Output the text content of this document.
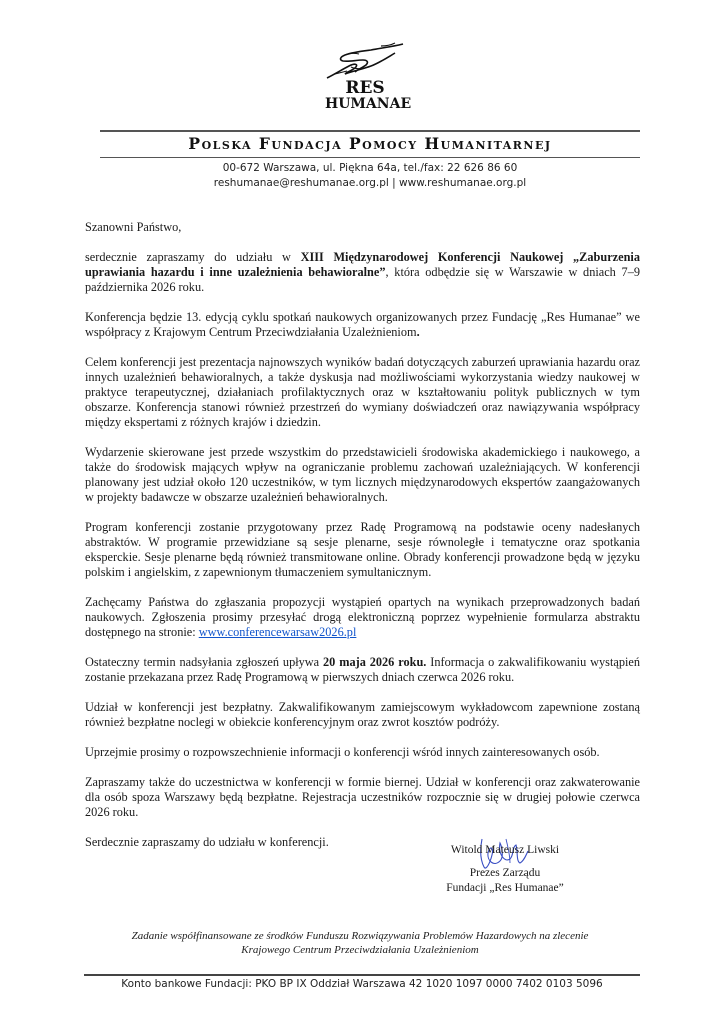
RES
HUMANAE
Polska Fundacja Pomocy Humanitarnej
00-672 Warszawa, ul. Piękna 64a, tel./fax: 22 626 86 60
reshumanae@reshumanae.org.pl | www.reshumanae.org.pl

Szanowni Państwo,

serdecznie zapraszamy do udziału w XIII Międzynarodowej Konferencji Naukowej „Zaburzenia uprawiania hazardu i inne uzależnienia behawioralne”, która odbędzie się w Warszawie w dniach 7–9 października 2026 roku.

Konferencja będzie 13. edycją cyklu spotkań naukowych organizowanych przez Fundację „Res Humanae” we współpracy z Krajowym Centrum Przeciwdziałania Uzależnieniom.

Celem konferencji jest prezentacja najnowszych wyników badań dotyczących zaburzeń uprawiania hazardu oraz innych uzależnień behawioralnych, a także dyskusja nad możliwościami wykorzystania wiedzy naukowej w praktyce terapeutycznej, działaniach profilaktycznych oraz w kształtowaniu polityk publicznych w tym obszarze. Konferencja stanowi również przestrzeń do wymiany doświadczeń oraz nawiązywania współpracy między ekspertami z różnych krajów i dziedzin.

Wydarzenie skierowane jest przede wszystkim do przedstawicieli środowiska akademickiego i naukowego, a także do środowisk mających wpływ na ograniczanie problemu zachowań uzależniających. W konferencji planowany jest udział około 120 uczestników, w tym licznych międzynarodowych ekspertów zaangażowanych w projekty badawcze w obszarze uzależnień behawioralnych.

Program konferencji zostanie przygotowany przez Radę Programową na podstawie oceny nadesłanych abstraktów. W programie przewidziane są sesje plenarne, sesje równoległe i tematyczne oraz spotkania eksperckie. Sesje plenarne będą również transmitowane online. Obrady konferencji prowadzone będą w języku polskim i angielskim, z zapewnionym tłumaczeniem symultanicznym.

Zachęcamy Państwa do zgłaszania propozycji wystąpień opartych na wynikach przeprowadzonych badań naukowych. Zgłoszenia prosimy przesyłać drogą elektroniczną poprzez wypełnienie formularza abstraktu dostępnego na stronie: www.conferencewarsaw2026.pl

Ostateczny termin nadsyłania zgłoszeń upływa 20 maja 2026 roku. Informacja o zakwalifikowaniu wystąpień zostanie przekazana przez Radę Programową w pierwszych dniach czerwca 2026 roku.

Udział w konferencji jest bezpłatny. Zakwalifikowanym zamiejscowym wykładowcom zapewnione zostaną również bezpłatne noclegi w obiekcie konferencyjnym oraz zwrot kosztów podróży.

Uprzejmie prosimy o rozpowszechnienie informacji o konferencji wśród innych zainteresowanych osób.

Zapraszamy także do uczestnictwa w konferencji w formie biernej. Udział w konferencji oraz zakwaterowanie dla osób spoza Warszawy będą bezpłatne. Rejestracja uczestników rozpocznie się w drugiej połowie czerwca 2026 roku.

Serdecznie zapraszamy do udziału w konferencji.

Witold Mateusz Liwski
Prezes Zarządu
Fundacji „Res Humanae”
Zadanie współfinansowane ze środków Funduszu Rozwiązywania Problemów Hazardowych na zlecenie
Krajowego Centrum Przeciwdziałania Uzależnieniom
Konto bankowe Fundacji: PKO BP IX Oddział Warszawa 42 1020 1097 0000 7402 0103 5096
